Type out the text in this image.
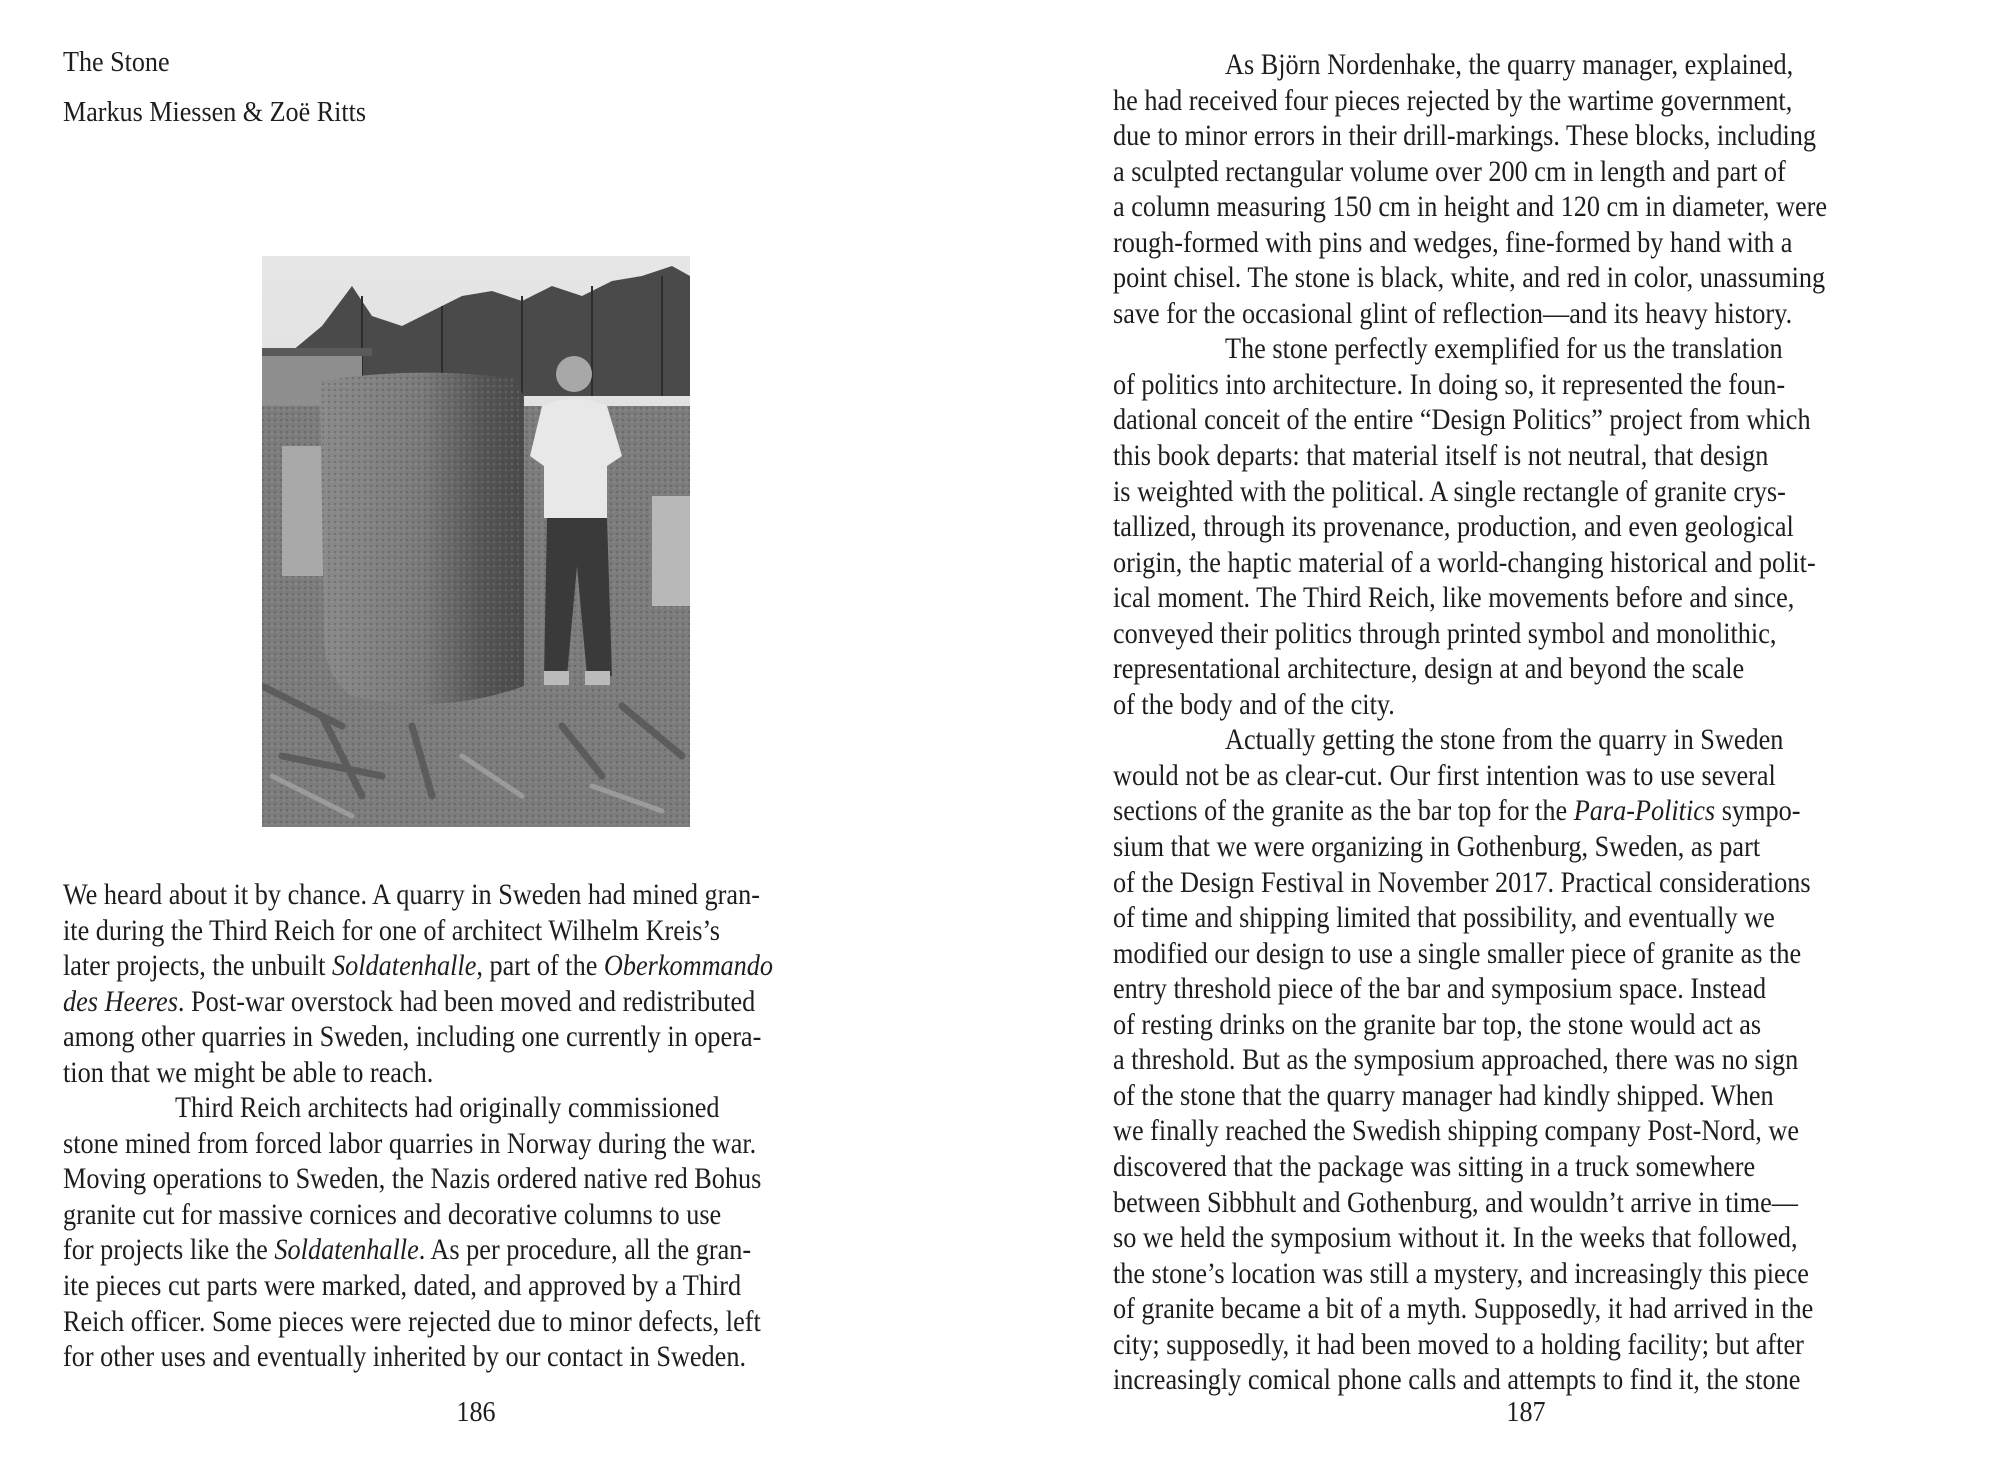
The Stone
Markus Miessen & Zoë Ritts
We heard about it by chance. A quarry in Sweden had mined gran-
ite during the Third Reich for one of architect Wilhelm Kreis’s
later projects, the unbuilt Soldatenhalle, part of the Oberkommando
des Heeres. Post-war overstock had been moved and redistributed
among other quarries in Sweden, including one currently in opera-
tion that we might be able to reach.
Third Reich architects had originally commissioned
stone mined from forced labor quarries in Norway during the war.
Moving operations to Sweden, the Nazis ordered native red Bohus
granite cut for massive cornices and decorative columns to use
for projects like the Soldatenhalle. As per procedure, all the gran-
ite pieces cut parts were marked, dated, and approved by a Third
Reich officer. Some pieces were rejected due to minor defects, left
for other uses and eventually inherited by our contact in Sweden.
186
As Björn Nordenhake, the quarry manager, explained,
he had received four pieces rejected by the wartime government,
due to minor errors in their drill-markings. These blocks, including
a sculpted rectangular volume over 200 cm in length and part of
a column measuring 150 cm in height and 120 cm in diameter, were
rough-formed with pins and wedges, fine-formed by hand with a
point chisel. The stone is black, white, and red in color, unassuming
save for the occasional glint of reflection—and its heavy history.
The stone perfectly exemplified for us the translation
of politics into architecture. In doing so, it represented the foun-
dational conceit of the entire “Design Politics” project from which
this book departs: that material itself is not neutral, that design
is weighted with the political. A single rectangle of granite crys-
tallized, through its provenance, production, and even geological
origin, the haptic material of a world-changing historical and polit-
ical moment. The Third Reich, like movements before and since,
conveyed their politics through printed symbol and monolithic,
representational architecture, design at and beyond the scale
of the body and of the city.
Actually getting the stone from the quarry in Sweden
would not be as clear-cut. Our first intention was to use several
sections of the granite as the bar top for the Para-Politics sympo-
sium that we were organizing in Gothenburg, Sweden, as part
of the Design Festival in November 2017. Practical considerations
of time and shipping limited that possibility, and eventually we
modified our design to use a single smaller piece of granite as the
entry threshold piece of the bar and symposium space. Instead
of resting drinks on the granite bar top, the stone would act as
a threshold. But as the symposium approached, there was no sign
of the stone that the quarry manager had kindly shipped. When
we finally reached the Swedish shipping company Post-Nord, we
discovered that the package was sitting in a truck somewhere
between Sibbhult and Gothenburg, and wouldn’t arrive in time—
so we held the symposium without it. In the weeks that followed,
the stone’s location was still a mystery, and increasingly this piece
of granite became a bit of a myth. Supposedly, it had arrived in the
city; supposedly, it had been moved to a holding facility; but after
increasingly comical phone calls and attempts to find it, the stone
187
